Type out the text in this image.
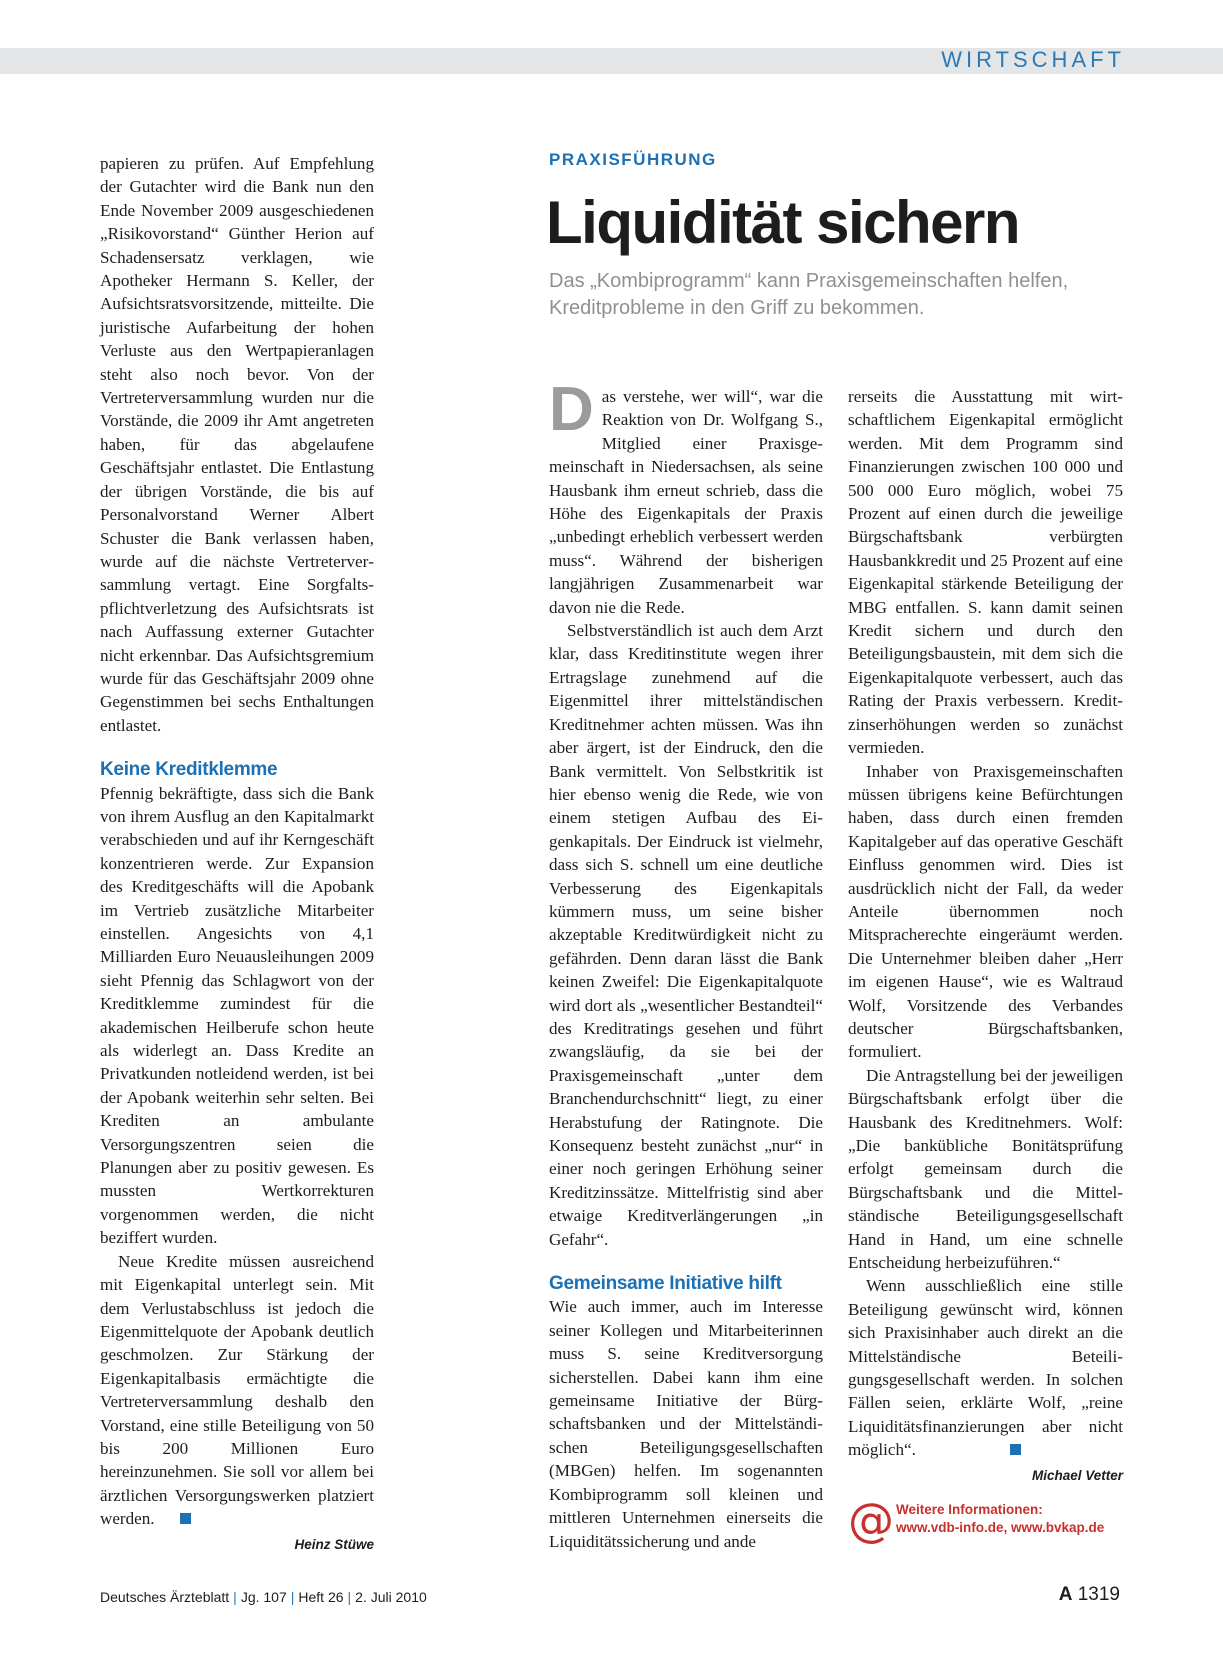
WIRTSCHAFT

papieren zu prüfen. Auf Empfehlung der Gutachter wird die Bank nun den Ende November 2009 ausgeschiedenen „Risikovorstand“ Günther Herion auf Schadensersatz verklagen, wie Apotheker Hermann S. Keller, der Aufsichtsratsvorsitzende, mitteilte. Die juristische Aufarbeitung der hohen Verluste aus den Wertpapieranlagen steht also noch bevor. Von der Vertreterversammlung wurden nur die Vorstände, die 2009 ihr Amt angetreten haben, für das abgelaufene Geschäftsjahr entlastet. Die Entlastung der übrigen Vorstände, die bis auf Personalvorstand Werner Albert Schuster die Bank verlassen haben, wurde auf die nächste Vertreterversammlung vertagt. Eine Sorgfaltspflichtverletzung des Aufsichtsrats ist nach Auffassung externer Gutachter nicht erkennbar. Das Aufsichtsgremium wurde für das Geschäftsjahr 2009 ohne Gegenstimmen bei sechs Enthaltungen entlastet.

Keine Kreditklemme

Pfennig bekräftigte, dass sich die Bank von ihrem Ausflug an den Kapitalmarkt verabschieden und auf ihr Kerngeschäft konzentrieren werde. Zur Expansion des Kreditgeschäfts will die Apobank im Vertrieb zusätzliche Mitarbeiter einstellen. Angesichts von 4,1 Milliarden Euro Neuausleihungen 2009 sieht Pfennig das Schlagwort von der Kreditklemme zumindest für die akademischen Heilberufe schon heute als widerlegt an. Dass Kredite an Privatkunden notleidend werden, ist bei der Apobank weiterhin sehr selten. Bei Krediten an ambulante Versorgungszentren seien die Planungen aber zu positiv gewesen. Es mussten Wertkorrekturen vorgenommen werden, die nicht beziffert wurden.

Neue Kredite müssen ausreichend mit Eigenkapital unterlegt sein. Mit dem Verlustabschluss ist jedoch die Eigenmittelquote der Apobank deutlich geschmolzen. Zur Stärkung der Eigenkapitalbasis ermächtigte die Vertreterversammlung deshalb den Vorstand, eine stille Beteiligung von 50 bis 200 Millionen Euro hereinzunehmen. Sie soll vor allem bei ärztlichen Versorgungswerken platziert werden.

Heinz Stüwe
PRAXISFÜHRUNG
Liquidität sichern

Das „Kombiprogramm“ kann Praxisgemeinschaften helfen, Kreditprobleme in den Griff zu bekommen.

Das verstehe, wer will“, war die Reaktion von Dr. Wolfgang S., Mitglied einer Praxisgemeinschaft in Niedersachsen, als seine Hausbank ihm erneut schrieb, dass die Höhe des Eigenkapitals der Praxis „unbedingt erheblich verbessert werden muss“. Während der bisherigen langjährigen Zusammenarbeit war davon nie die Rede.

Selbstverständlich ist auch dem Arzt klar, dass Kreditinstitute wegen ihrer Ertragslage zunehmend auf die Eigenmittel ihrer mittelständischen Kreditnehmer achten müssen. Was ihn aber ärgert, ist der Eindruck, den die Bank vermittelt. Von Selbstkritik ist hier ebenso wenig die Rede, wie von einem stetigen Aufbau des Eigenkapitals. Der Eindruck ist vielmehr, dass sich S. schnell um eine deutliche Verbesserung des Eigenkapitals kümmern muss, um seine bisher akzeptable Kreditwürdigkeit nicht zu gefährden. Denn daran lässt die Bank keinen Zweifel: Die Eigenkapitalquote wird dort als „wesentlicher Bestandteil“ des Kreditratings gesehen und führt zwangsläufig, da sie bei der Praxisgemeinschaft „unter dem Branchendurchschnitt“ liegt, zu einer Herabstufung der Ratingnote. Die Konsequenz besteht zunächst „nur“ in einer noch geringen Erhöhung seiner Kreditzinssätze. Mittelfristig sind aber etwaige Kreditverlängerungen „in Gefahr“.

Gemeinsame Initiative hilft

Wie auch immer, auch im Interesse seiner Kollegen und Mitarbeiterinnen muss S. seine Kreditversorgung sicherstellen. Dabei kann ihm eine gemeinsame Initiative der Bürgschaftsbanken und der Mittelständischen Beteiligungsgesellschaften (MBGen) helfen. Im sogenannten Kombiprogramm soll kleinen und mittleren Unternehmen einerseits die Liquiditätssicherung und ande

rerseits die Ausstattung mit wirtschaftlichem Eigenkapital ermöglicht werden. Mit dem Programm sind Finanzierungen zwischen 100 000 und 500 000 Euro möglich, wobei 75 Prozent auf einen durch die jeweilige Bürgschaftsbank verbürgten Hausbankkredit und 25 Prozent auf eine Eigenkapital stärkende Beteiligung der MBG entfallen. S. kann damit seinen Kredit sichern und durch den Beteiligungsbaustein, mit dem sich die Eigenkapitalquote verbessert, auch das Rating der Praxis verbessern. Kreditzinserhöhungen werden so zunächst vermieden.

Inhaber von Praxisgemeinschaften müssen übrigens keine Befürchtungen haben, dass durch einen fremden Kapitalgeber auf das operative Geschäft Einfluss genommen wird. Dies ist ausdrücklich nicht der Fall, da weder Anteile übernommen noch Mitspracherechte eingeräumt werden. Die Unternehmer bleiben daher „Herr im eigenen Hause“, wie es Waltraud Wolf, Vorsitzende des Verbandes deutscher Bürgschaftsbanken, formuliert.

Die Antragstellung bei der jeweiligen Bürgschaftsbank erfolgt über die Hausbank des Kreditnehmers. Wolf: „Die bankübliche Bonitätsprüfung erfolgt gemeinsam durch die Bürgschaftsbank und die Mittelständische Beteiligungsgesellschaft Hand in Hand, um eine schnelle Entscheidung herbeizuführen.“

Wenn ausschließlich eine stille Beteiligung gewünscht wird, können sich Praxisinhaber auch direkt an die Mittelständische Beteiligungsgesellschaft werden. In solchen Fällen seien, erklärte Wolf, „reine Liquiditätsfinanzierungen aber nicht möglich“.

Michael Vetter
@ Weitere Informationen:
www.vdb-info.de, www.bvkap.de
Deutsches Ärzteblatt | Jg. 107 | Heft 26 | 2. Juli 2010	A 1319
